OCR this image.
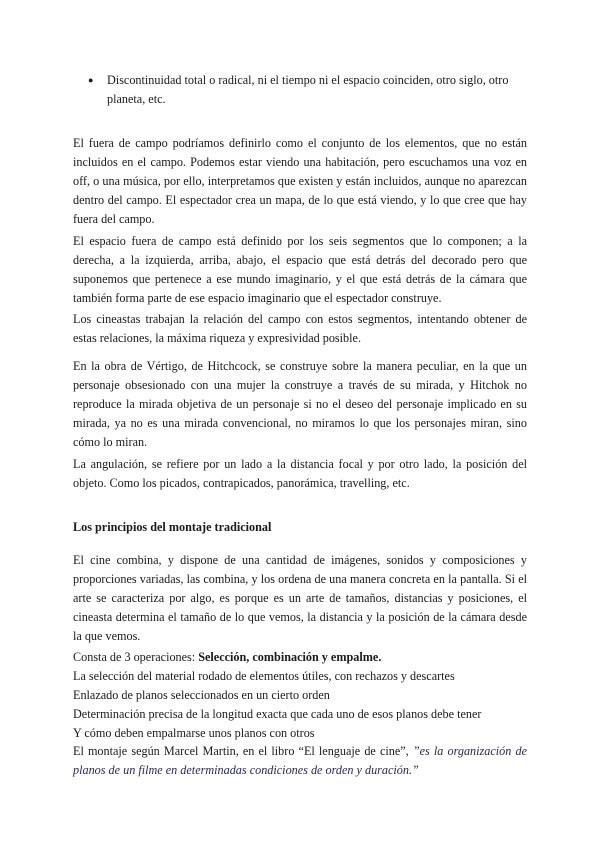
●	Discontinuidad total o radical, ni el tiempo ni el espacio coinciden, otro siglo, otro planeta, etc.

El fuera de campo podríamos definirlo como el conjunto de los elementos, que no están incluidos en el campo. Podemos estar viendo una habitación, pero escuchamos una voz en off, o una música, por ello, interpretamos que existen y están incluidos, aunque no aparezcan dentro del campo. El espectador crea un mapa, de lo que está viendo, y lo que cree que hay fuera del campo.

El espacio fuera de campo está definido por los seis segmentos que lo componen; a la derecha, a la izquierda, arriba, abajo, el espacio que está detrás del decorado pero que suponemos que pertenece a ese mundo imaginario, y el que está detrás de la cámara que también forma parte de ese espacio imaginario que el espectador construye.

Los cineastas trabajan la relación del campo con estos segmentos, intentando obtener de estas relaciones, la máxima riqueza y expresividad posible.

En la obra de Vértigo, de Hitchcock, se construye sobre la manera peculiar, en la que un personaje obsesionado con una mujer la construye a través de su mirada, y Hitchok no reproduce la mirada objetiva de un personaje si no el deseo del personaje implicado en su mirada, ya no es una mirada convencional, no miramos lo que los personajes miran, sino cómo lo miran.

La angulación, se refiere por un lado a la distancia focal y por otro lado, la posición del objeto. Como los picados, contrapicados, panorámica, travelling, etc.

Los principios del montaje tradicional

El cine combina, y dispone de una cantidad de imágenes, sonidos y composiciones y proporciones variadas, las combina, y los ordena de una manera concreta en la pantalla. Si el arte se caracteriza por algo, es porque es un arte de tamaños, distancias y posiciones, el cineasta determina el tamaño de lo que vemos, la distancia y la posición de la cámara desde la que vemos.

Consta de 3 operaciones: Selección, combinación y empalme.
La selección del material rodado de elementos útiles, con rechazos y descartes
Enlazado de planos seleccionados en un cierto orden
Determinación precisa de la longitud exacta que cada uno de esos planos debe tener
Y cómo deben empalmarse unos planos con otros

El montaje según Marcel Martin, en el libro “El lenguaje de cine”, ”es la organización de planos de un filme en determinadas condiciones de orden y duración.”
